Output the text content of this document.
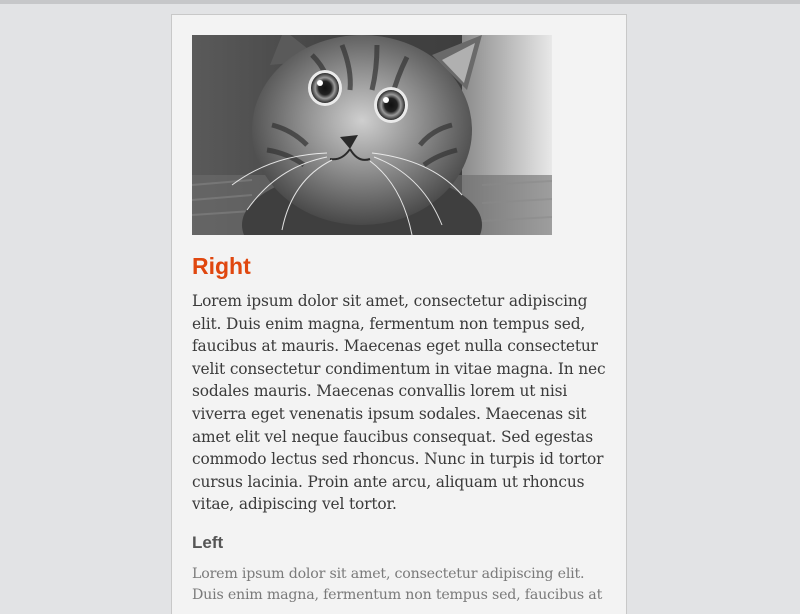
Right

Lorem ipsum dolor sit amet, consectetur adipiscing elit. Duis enim magna, fermentum non tempus sed, faucibus at mauris. Maecenas eget nulla consectetur velit consectetur condimentum in vitae magna. In nec sodales mauris. Maecenas convallis lorem ut nisi viverra eget venenatis ipsum sodales. Maecenas sit amet elit vel neque faucibus consequat. Sed egestas commodo lectus sed rhoncus. Nunc in turpis id tortor cursus lacinia. Proin ante arcu, aliquam ut rhoncus vitae, adipiscing vel tortor.

Left

Lorem ipsum dolor sit amet, consectetur adipiscing elit. Duis enim magna, fermentum non tempus sed, faucibus at
